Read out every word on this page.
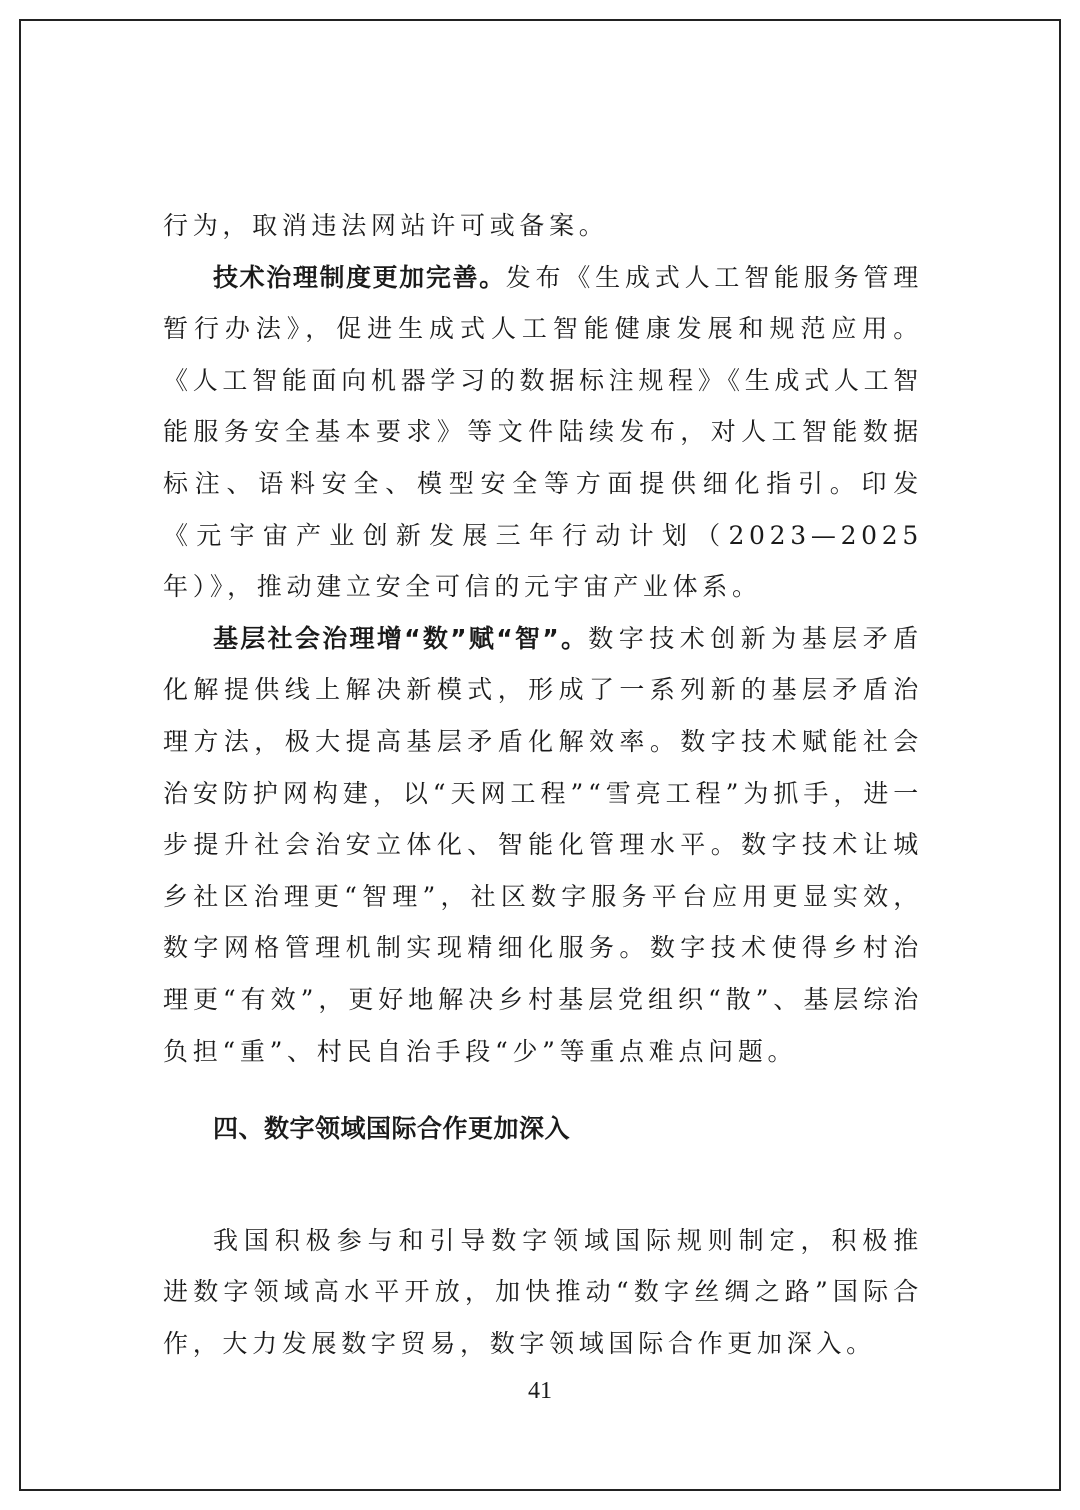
行为，取消违法网站许可或备案。

技术治理制度更加完善。发布《生成式人工智能服务管理暂行办法》，促进生成式人工智能健康发展和规范应用。《人工智能面向机器学习的数据标注规程》《生成式人工智能服务安全基本要求》等文件陆续发布，对人工智能数据标注、语料安全、模型安全等方面提供细化指引。印发《元宇宙产业创新发展三年行动计划（2023—2025年）》，推动建立安全可信的元宇宙产业体系。

基层社会治理增“数”赋“智”。数字技术创新为基层矛盾化解提供线上解决新模式，形成了一系列新的基层矛盾治理方法，极大提高基层矛盾化解效率。数字技术赋能社会治安防护网构建，以“天网工程”“雪亮工程”为抓手，进一步提升社会治安立体化、智能化管理水平。数字技术让城乡社区治理更“智理”，社区数字服务平台应用更显实效，数字网格管理机制实现精细化服务。数字技术使得乡村治理更“有效”，更好地解决乡村基层党组织“散”、基层综治负担“重”、村民自治手段“少”等重点难点问题。

四、数字领域国际合作更加深入

我国积极参与和引导数字领域国际规则制定，积极推进数字领域高水平开放，加快推动“数字丝绸之路”国际合作，大力发展数字贸易，数字领域国际合作更加深入。

41
